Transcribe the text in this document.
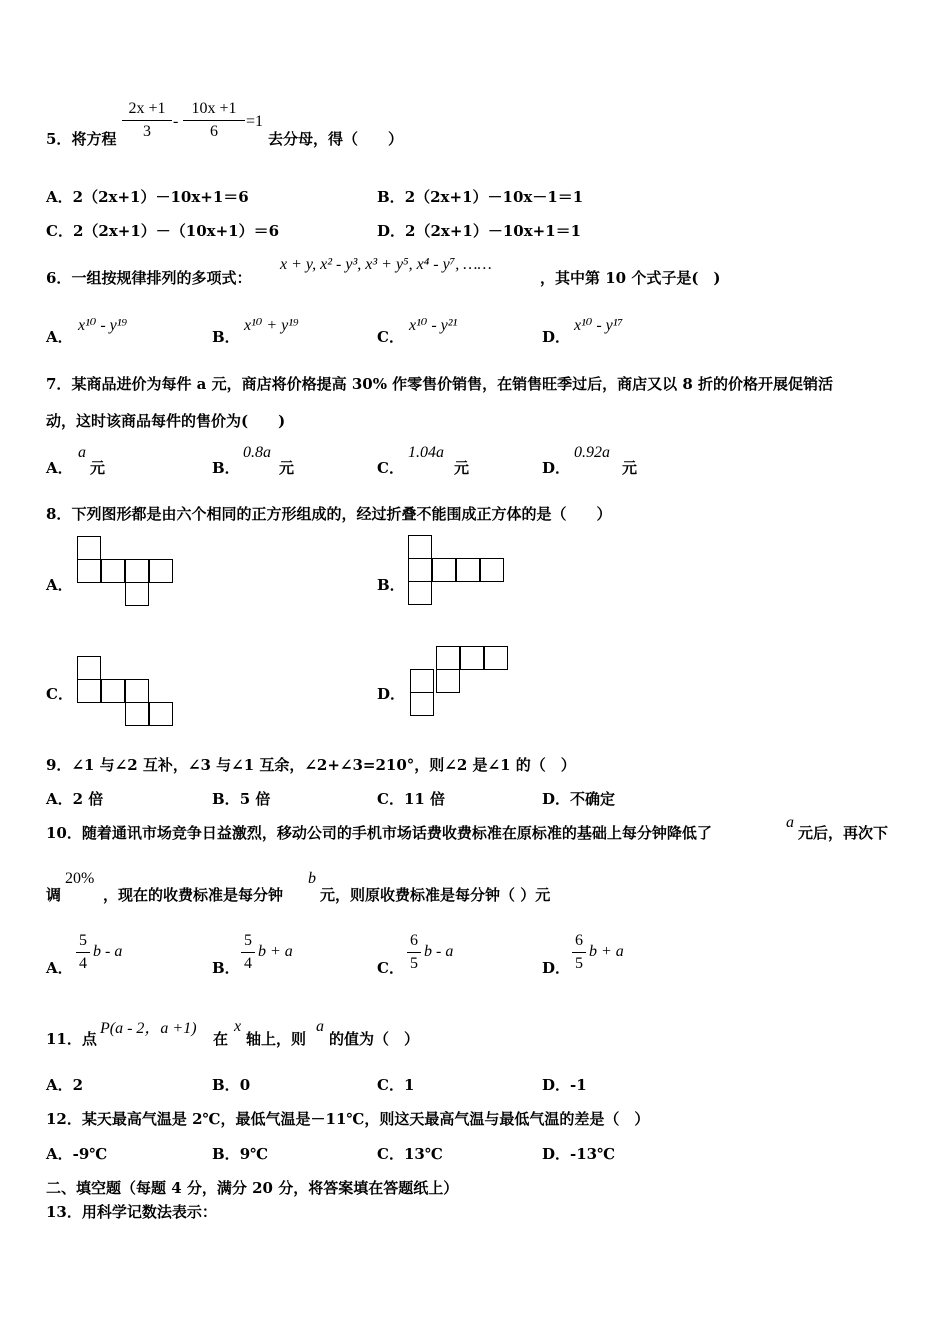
5．将方程 $\frac{2x +1}{3} - \frac{10x +1}{6} =1$
去分母，得（　　）
A．2（2x+1）－10x+1＝6	B．2（2x+1）－10x－1＝1
C．2（2x+1）－（10x+1）＝6	D．2（2x+1）－10x+1＝1
6．一组按规律排列的多项式：
x + y, x² - y³, x³ + y⁵, x⁴ - y⁷, ……
，其中第 10 个式子是(　)
A．
x¹⁰ - y¹⁹
B．
x¹⁰ + y¹⁹
C．
x¹⁰ - y²¹
D．
x¹⁰ - y¹⁷
7．某商品进价为每件 a 元，商店将价格提高 30% 作零售价销售，在销售旺季过后，商店又以 8 折的价格开展促销活
动，这时该商品每件的售价为(　　)
A．
a
元	B．
0.8a
元	C．
1.04a
元	D．
0.92a
元
8．下列图形都是由六个相同的正方形组成的，经过折叠不能围成正方体的是（　　）
A．	B．
C．	D．
9．∠1 与∠2 互补，∠3 与∠1 互余，∠2+∠3=210°，则∠2 是∠1 的（　）
A．2 倍	B．5 倍	C．11 倍	D．不确定
10．随着通讯市场竞争日益激烈，移动公司的手机市场话费收费标准在原标准的基础上每分钟降低了
a
元后，再次下
调
20%
，现在的收费标准是每分钟
b
元，则原收费标准是每分钟（ ）元
A． $\frac{5}{4}$ b - a
B． $\frac{5}{4}$ b + a
C． $\frac{6}{5}$ b - a
D． $\frac{6}{5}$ b + a
11．点
P(a - 2，a +1)
在
x
轴上，则
a
的值为（　）
A．2	B．0	C．1	D．-1
12．某天最高气温是 2℃，最低气温是－11℃，则这天最高气温与最低气温的差是（　）
A．-9℃	B．9℃	C．13℃	D．-13℃
二、填空题（每题 4 分，满分 20 分，将答案填在答题纸上）
13．用科学记数法表示：
